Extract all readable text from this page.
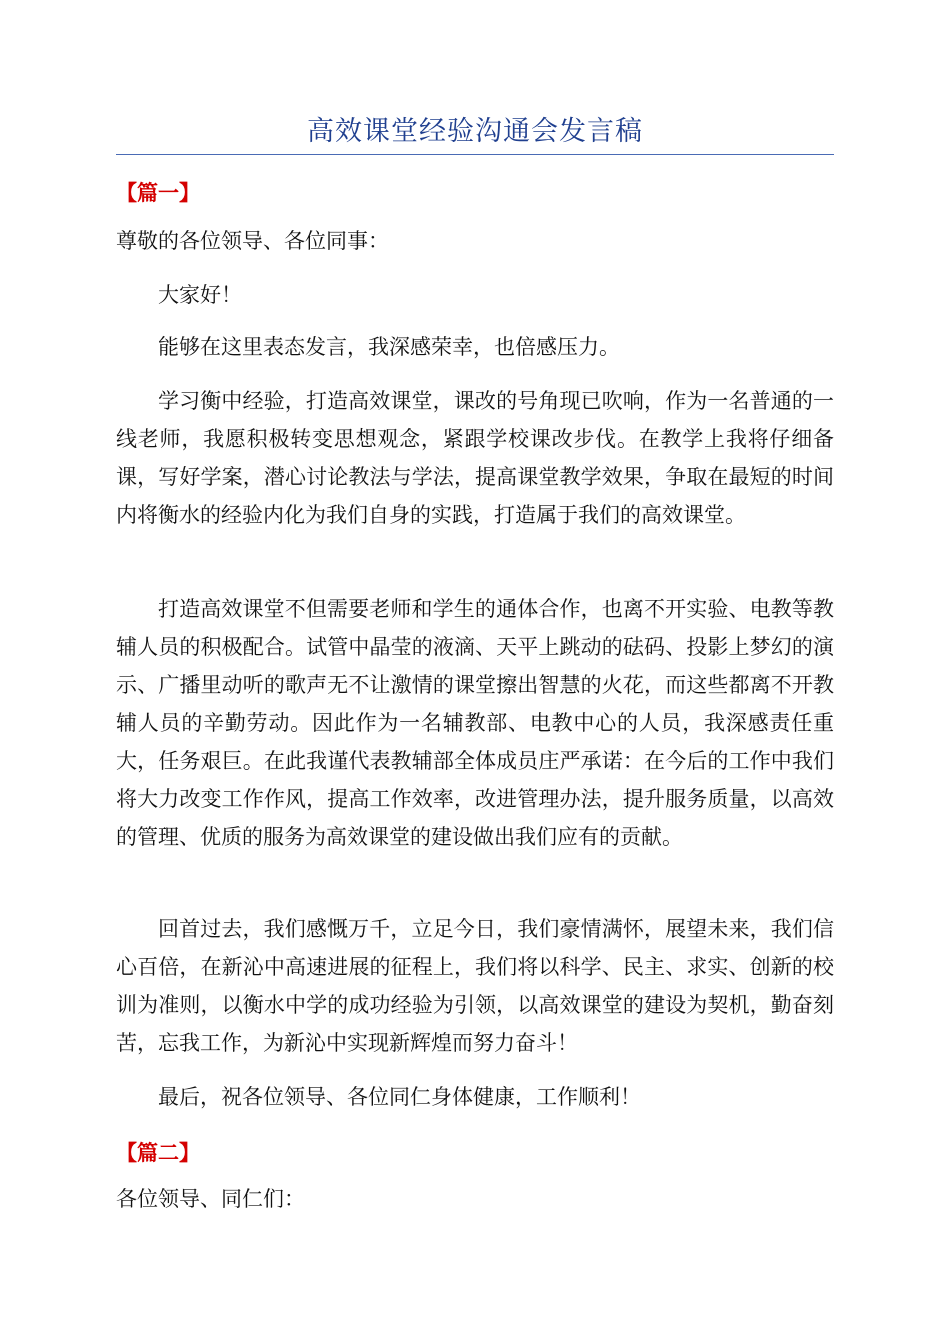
高效课堂经验沟通会发言稿
【篇一】
尊敬的各位领导、各位同事：

大家好！

能够在这里表态发言，我深感荣幸，也倍感压力。

学习衡中经验，打造高效课堂，课改的号角现已吹响，作为一名普通的一线老师，我愿积极转变思想观念，紧跟学校课改步伐。在教学上我将仔细备课，写好学案，潜心讨论教法与学法，提高课堂教学效果，争取在最短的时间内将衡水的经验内化为我们自身的实践，打造属于我们的高效课堂。

打造高效课堂不但需要老师和学生的通体合作，也离不开实验、电教等教辅人员的积极配合。试管中晶莹的液滴、天平上跳动的砝码、投影上梦幻的演示、广播里动听的歌声无不让激情的课堂擦出智慧的火花，而这些都离不开教辅人员的辛勤劳动。因此作为一名辅教部、电教中心的人员，我深感责任重大，任务艰巨。在此我谨代表教辅部全体成员庄严承诺：在今后的工作中我们将大力改变工作作风，提高工作效率，改进管理办法，提升服务质量，以高效的管理、优质的服务为高效课堂的建设做出我们应有的贡献。

回首过去，我们感慨万千，立足今日，我们豪情满怀，展望未来，我们信心百倍，在新沁中高速进展的征程上，我们将以科学、民主、求实、创新的校训为准则，以衡水中学的成功经验为引领，以高效课堂的建设为契机，勤奋刻苦，忘我工作，为新沁中实现新辉煌而努力奋斗！

最后，祝各位领导、各位同仁身体健康，工作顺利！

【篇二】
各位领导、同仁们：
